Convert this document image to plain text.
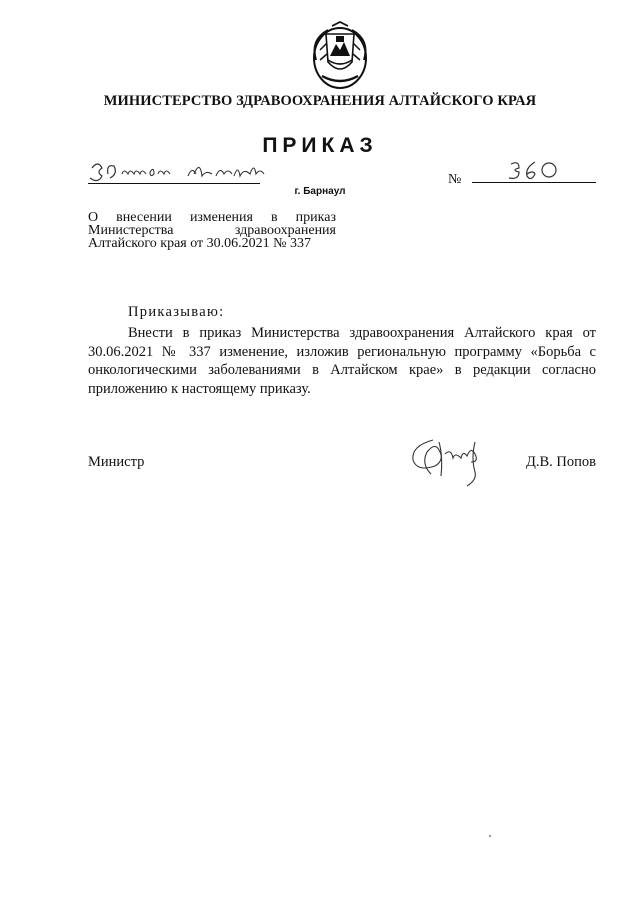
МИНИСТЕРСТВО ЗДРАВООХРАНЕНИЯ АЛТАЙСКОГО КРАЯ
ПРИКАЗ
№
г. Барнаул
О внесении изменения в приказ
Министерства здравоохранения
Алтайского края от 30.06.2021 № 337
Приказываю:
Внести в приказ Министерства здравоохранения Алтайского края от 30.06.2021 № 337 изменение, изложив региональную программу «Борьба с онкологическими заболеваниями в Алтайском крае» в редакции согласно приложению к настоящему приказу.
Министр	Д.В. Попов
